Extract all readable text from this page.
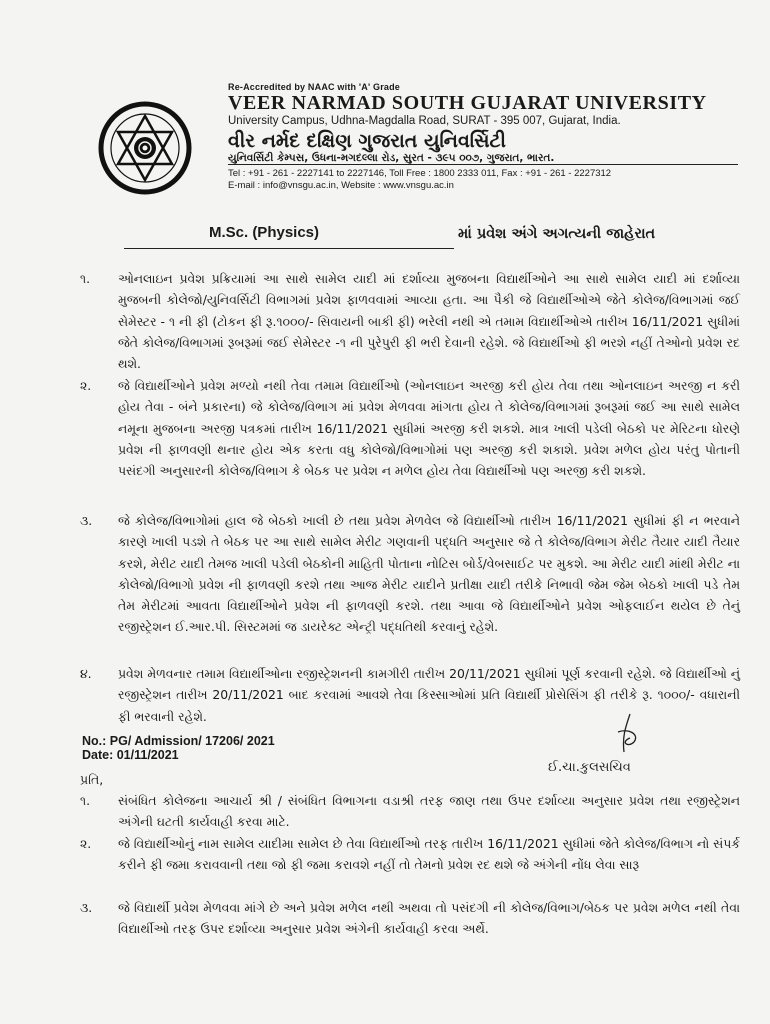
Re-Accredited by NAAC with 'A' Grade
VEER NARMAD SOUTH GUJARAT UNIVERSITY
University Campus, Udhna-Magdalla Road, SURAT - 395 007, Gujarat, India.
વીર નર્મદ દક્ષિણ ગુજરાત યુનિવર્સિટી
યુનિવર્સિટી કેમ્પસ, ઉધના-મગદલ્લા રોડ, સુરત - ૩૯૫ ૦૦૭, ગુજરાત, ભારત.
Tel : +91 - 261 - 2227141 to 2227146, Toll Free : 1800 2333 011, Fax : +91 - 261 - 2227312
E-mail : info@vnsgu.ac.in, Website : www.vnsgu.ac.in
M.Sc. (Physics)	માં પ્રવેશ અંગે અગત્યની જાહેરાત
૧.	ઓનલાઇન પ્રવેશ પ્રક્રિયામાં આ સાથે સામેલ યાદી માં દર્શાવ્યા મુજબના વિદ્યાર્થીઓને આ સાથે સામેલ યાદી માં દર્શાવ્યા મુજબની કોલેજો/યુનિવર્સિટી વિભાગમાં પ્રવેશ ફાળવવામાં આવ્યા હતા. આ પૈકી જે વિદ્યાર્થીઓએ જેતે કોલેજ/વિભાગમાં જઈ સેમેસ્ટર - ૧ ની ફી (ટોકન ફી રૂ.૧૦૦૦/- સિવાયની બાકી ફી) ભરેલી નથી એ તમામ વિદ્યાર્થીઓએ તારીખ 16/11/2021 સુધીમાં જેતે કોલેજ/વિભાગમાં રૂબરૂમાં જઈ સેમેસ્ટર -૧ ની પુરેપુરી ફી ભરી દેવાની રહેશે. જે વિદ્યાર્થીઓ ફી ભરશે નહીં તેઓનો પ્રવેશ રદ થશે.
૨.	જે વિદ્યાર્થીઓને પ્રવેશ મળ્યો નથી તેવા તમામ વિદ્યાર્થીઓ (ઓનલાઇન અરજી કરી હોય તેવા તથા ઓનલાઇન અરજી ન કરી હોય તેવા - બંને પ્રકારના) જે કોલેજ/વિભાગ માં પ્રવેશ મેળવવા માંગતા હોય તે કોલેજ/વિભાગમાં રૂબરૂમાં જઈ આ સાથે સામેલ નમૂના મુજબના અરજી પત્રકમાં તારીખ 16/11/2021 સુધીમાં અરજી કરી શકશે. માત્ર ખાલી પડેલી બેઠકો પર મેરિટના ધોરણે પ્રવેશ ની ફાળવણી થનાર હોય એક કરતા વધુ કોલેજો/વિભાગોમાં પણ અરજી કરી શકાશે. પ્રવેશ મળેલ હોય પરંતુ પોતાની પસંદગી અનુસારની કોલેજ/વિભાગ કે બેઠક પર પ્રવેશ ન મળેલ હોય તેવા વિદ્યાર્થીઓ પણ અરજી કરી શકશે.
૩.	જે કોલેજ/વિભાગોમાં હાલ જે બેઠકો ખાલી છે તથા પ્રવેશ મેળવેલ જે વિદ્યાર્થીઓ તારીખ 16/11/2021 સુધીમાં ફી ન ભરવાને કારણે ખાલી પડશે તે બેઠક પર આ સાથે સામેલ મેરીટ ગણવાની પદ્ધતિ અનુસાર જે તે કોલેજ/વિભાગ મેરીટ તૈયાર યાદી તૈયાર કરશે, મેરીટ યાદી તેમજ ખાલી પડેલી બેઠકોની માહિતી પોતાના નોટિસ બોર્ડ/વેબસાઈટ પર મુકશે. આ મેરીટ યાદી માંથી મેરીટ ના કોલેજો/વિભાગો પ્રવેશ ની ફાળવણી કરશે તથા આજ મેરીટ યાદીને પ્રતીક્ષા યાદી તરીકે નિભાવી જેમ જેમ બેઠકો ખાલી પડે તેમ તેમ મેરીટમાં આવતા વિદ્યાર્થીઓને પ્રવેશ ની ફાળવણી કરશે. તથા આવા જે વિદ્યાર્થીઓને પ્રવેશ ઓફલાઈન થયેલ છે તેનું રજીસ્ટ્રેશન ઈ.આર.પી. સિસ્ટમમાં જ ડાયરેક્ટ એન્ટ્રી પદ્ધતિથી કરવાનું રહેશે.
૪.	પ્રવેશ મેળવનાર તમામ વિદ્યાર્થીઓના રજીસ્ટ્રેશનની કામગીરી તારીખ 20/11/2021 સુધીમાં પૂર્ણ કરવાની રહેશે. જે વિદ્યાર્થીઓ નું રજીસ્ટ્રેશન તારીખ 20/11/2021 બાદ કરવામાં આવશે તેવા કિસ્સાઓમાં પ્રતિ વિદ્યાર્થી પ્રોસેસિંગ ફી તરીકે રૂ. ૧૦૦૦/- વધારાની ફી ભરવાની રહેશે.
No.: PG/ Admission/ 17206/ 2021
Date: 01/11/2021
ઈ.ચા.કુલસચિવ
પ્રતિ,
૧.	સંબંધિત કોલેજના આચાર્ય શ્રી / સંબંધિત વિભાગના વડાશ્રી તરફ જાણ તથા ઉપર દર્શાવ્યા અનુસાર પ્રવેશ તથા રજીસ્ટ્રેશન અંગેની ઘટતી કાર્યવાહી કરવા માટે.
૨.	જે વિદ્યાર્થીઓનું નામ સામેલ યાદીમા સામેલ છે તેવા વિદ્યાર્થીઓ તરફ તારીખ 16/11/2021 સુધીમાં જેતે કોલેજ/વિભાગ નો સંપર્ક કરીને ફી જમા કરાવવાની તથા જો ફી જમા કરાવશે નહીં તો તેમનો પ્રવેશ રદ થશે જે અંગેની નોંધ લેવા સારૂ
૩.	જે વિદ્યાર્થી પ્રવેશ મેળવવા માંગે છે અને પ્રવેશ મળેલ નથી અથવા તો પસંદગી ની કોલેજ/વિભાગ/બેઠક પર પ્રવેશ મળેલ નથી તેવા વિદ્યાર્થીઓ તરફ ઉપર દર્શાવ્યા અનુસાર પ્રવેશ અંગેની કાર્યવાહી કરવા અર્થે.
